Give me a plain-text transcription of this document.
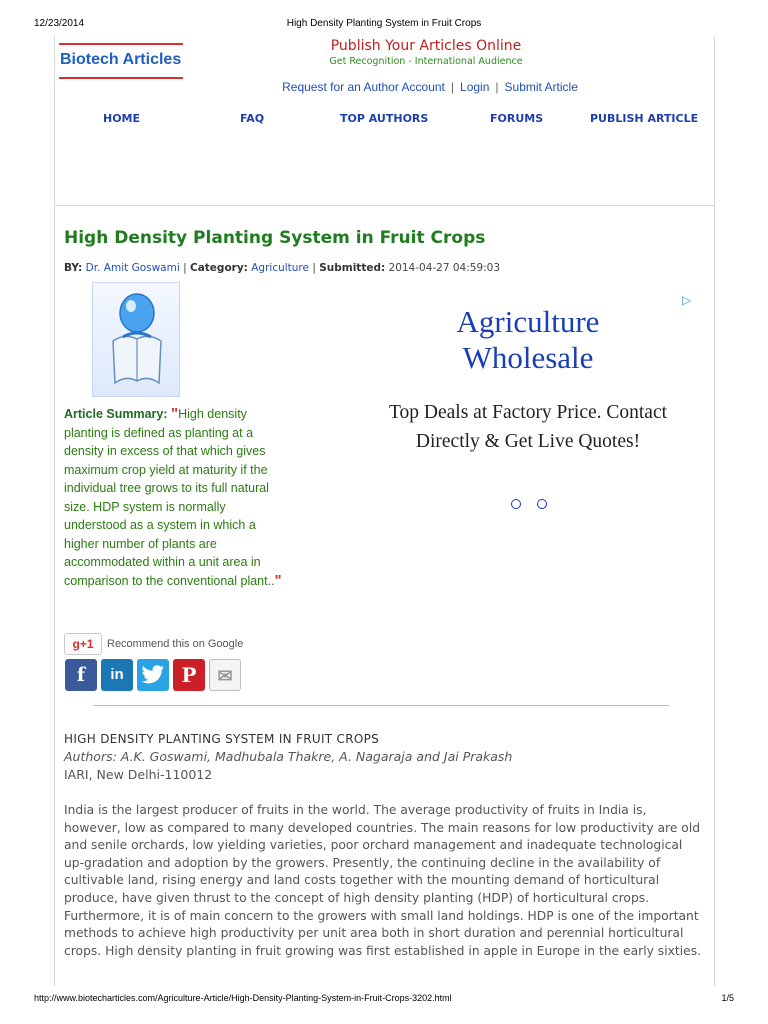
12/23/2014	High Density Planting System in Fruit Crops
Biotech Articles
Publish Your Articles Online
Get Recognition - International Audience
Request for an Author Account | Login | Submit Article
HOME	FAQ	TOP AUTHORS	FORUMS	PUBLISH ARTICLE
High Density Planting System in Fruit Crops
BY: Dr. Amit Goswami | Category: Agriculture | Submitted: 2014-04-27 04:59:03
Article Summary: "High density planting is defined as planting at a density in excess of that which gives maximum crop yield at maturity if the individual tree grows to its full natural size. HDP system is normally understood as a system in which a higher number of plants are accommodated within a unit area in comparison to the conventional plant.."
g+1	Recommend this on Google
f	in	P	✉
▷
Agriculture Wholesale
Top Deals at Factory Price. Contact Directly & Get Live Quotes!
HIGH DENSITY PLANTING SYSTEM IN FRUIT CROPS
Authors: A.K. Goswami, Madhubala Thakre, A. Nagaraja and Jai Prakash
IARI, New Delhi-110012

India is the largest producer of fruits in the world. The average productivity of fruits in India is, however, low as compared to many developed countries. The main reasons for low productivity are old and senile orchards, low yielding varieties, poor orchard management and inadequate technological up-gradation and adoption by the growers. Presently, the continuing decline in the availability of cultivable land, rising energy and land costs together with the mounting demand of horticultural produce, have given thrust to the concept of high density planting (HDP) of horticultural crops. Furthermore, it is of main concern to the growers with small land holdings. HDP is one of the important methods to achieve high productivity per unit area both in short duration and perennial horticultural crops. High density planting in fruit growing was first established in apple in Europe in the early sixties.

http://www.biotecharticles.com/Agriculture-Article/High-Density-Planting-System-in-Fruit-Crops-3202.html	1/5
